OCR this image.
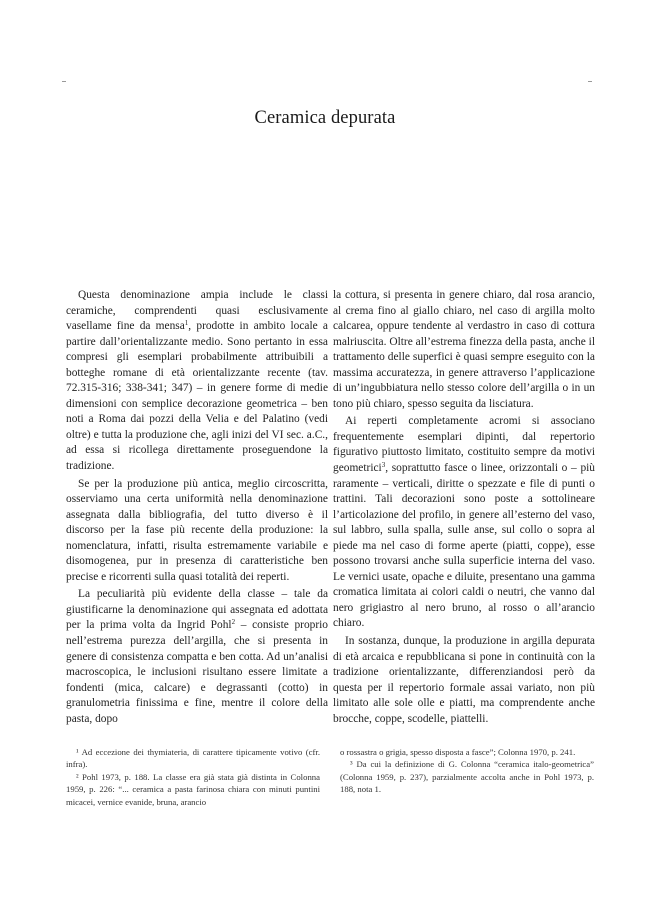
Ceramica depurata

Questa denominazione ampia include le classi ceramiche, comprendenti quasi esclusivamente vasellame fine da mensa$^1$, prodotte in ambito locale a partire dall’orientalizzante medio. Sono pertanto in essa compresi gli esemplari probabilmente attribuibili a botteghe romane di età orientalizzante recente (tav. 72.315-316; 338-341; 347) – in genere forme di medie dimensioni con semplice decorazione geometrica – ben noti a Roma dai pozzi della Velia e del Palatino (vedi oltre) e tutta la produzione che, agli inizi del VI sec. a.C., ad essa si ricollega direttamente proseguendone la tradizione.

Se per la produzione più antica, meglio circoscritta, osserviamo una certa uniformità nella denominazione assegnata dalla bibliografia, del tutto diverso è il discorso per la fase più recente della produzione: la nomenclatura, infatti, risulta estremamente variabile e disomogenea, pur in presenza di caratteristiche ben precise e ricorrenti sulla quasi totalità dei reperti.

La peculiarità più evidente della classe – tale da giustificarne la denominazione qui assegnata ed adottata per la prima volta da Ingrid Pohl$^2$ – consiste proprio nell’estrema purezza dell’argilla, che si presenta in genere di consistenza compatta e ben cotta. Ad un’analisi macroscopica, le inclusioni risultano essere limitate a fondenti (mica, calcare) e degrassanti (cotto) in granulometria finissima e fine, mentre il colore della pasta, dopo

la cottura, si presenta in genere chiaro, dal rosa arancio, al crema fino al giallo chiaro, nel caso di argilla molto calcarea, oppure tendente al verdastro in caso di cottura malriuscita. Oltre all’estrema finezza della pasta, anche il trattamento delle superfici è quasi sempre eseguito con la massima accuratezza, in genere attraverso l’applicazione di un’ingubbiatura nello stesso colore dell’argilla o in un tono più chiaro, spesso seguita da lisciatura.

Ai reperti completamente acromi si associano frequentemente esemplari dipinti, dal repertorio figurativo piuttosto limitato, costituito sempre da motivi geometrici$^3$, soprattutto fasce o linee, orizzontali o – più raramente – verticali, diritte o spezzate e file di punti o trattini. Tali decorazioni sono poste a sottolineare l’articolazione del profilo, in genere all’esterno del vaso, sul labbro, sulla spalla, sulle anse, sul collo o sopra al piede ma nel caso di forme aperte (piatti, coppe), esse possono trovarsi anche sulla superficie interna del vaso. Le vernici usate, opache e diluite, presentano una gamma cromatica limitata ai colori caldi o neutri, che vanno dal nero grigiastro al nero bruno, al rosso o all’arancio chiaro.

In sostanza, dunque, la produzione in argilla depurata di età arcaica e repubblicana si pone in continuità con la tradizione orientalizzante, differenziandosi però da questa per il repertorio formale assai variato, non più limitato alle sole olle e piatti, ma comprendente anche brocche, coppe, scodelle, piattelli.

¹ Ad eccezione dei thymiateria, di carattere tipicamente votivo (cfr. infra).

² Pohl 1973, p. 188. La classe era già stata già distinta in Colonna 1959, p. 226: “... ceramica a pasta farinosa chiara con minuti puntini micacei, vernice evanide, bruna, arancio

o rossastra o grigia, spesso disposta a fasce”; Colonna 1970, p. 241.

³ Da cui la definizione di G. Colonna “ceramica italo-geometrica” (Colonna 1959, p. 237), parzialmente accolta anche in Pohl 1973, p. 188, nota 1.
